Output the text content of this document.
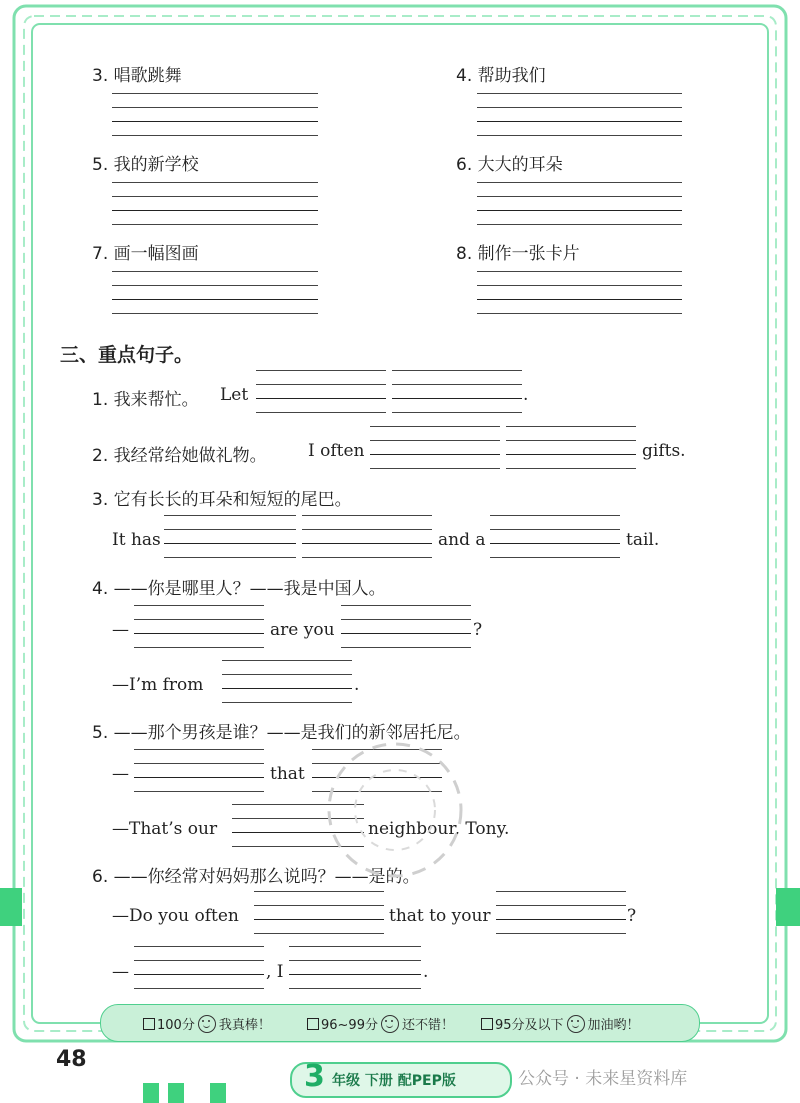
3. 唱歌跳舞	4. 帮助我们
5. 我的新学校	6. 大大的耳朵
7. 画一幅图画	8. 制作一张卡片
三、重点句子。
1. 我来帮忙。 Let	.
2. 我经常给她做礼物。 I often	gifts.
3. 它有长长的耳朵和短短的尾巴。
It has	and a	tail.
4. ——你是哪里人？——我是中国人。
—	are you	?
—I’m from	.
5. ——那个男孩是谁？——是我们的新邻居托尼。
—	that
—That’s our	neighbour, Tony.
6. ——你经常对妈妈那么说吗？——是的。
—Do you often	that to your	?
—	, I	.
100分 我真棒！	96~99分 还不错！	95分及以下 加油哟！
48	3 年级 下册 配PEP版	公众号 · 未来星资料库
